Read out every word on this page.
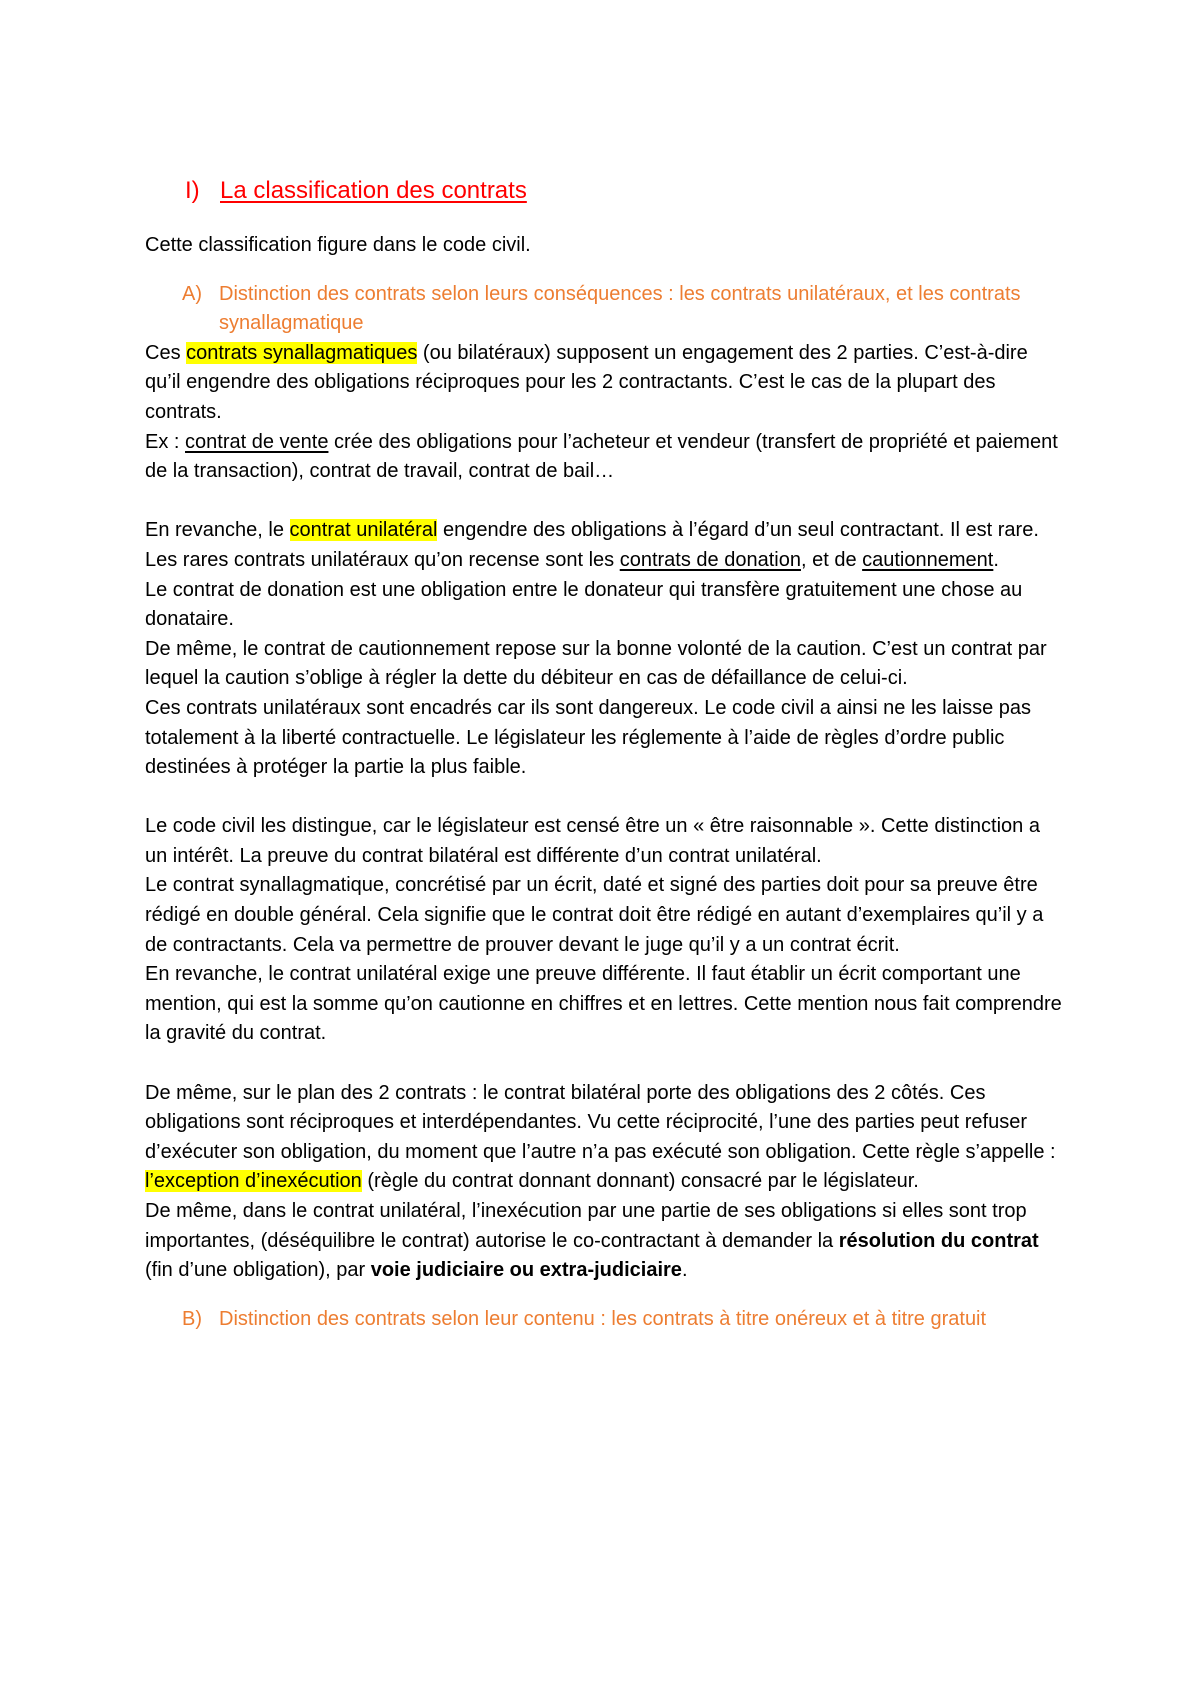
I) La classification des contrats

Cette classification figure dans le code civil.

A) Distinction des contrats selon leurs conséquences : les contrats unilatéraux, et les contrats synallagmatique

Ces contrats synallagmatiques (ou bilatéraux) supposent un engagement des 2 parties. C’est-à-dire qu’il engendre des obligations réciproques pour les 2 contractants. C’est le cas de la plupart des contrats.

Ex : contrat de vente crée des obligations pour l’acheteur et vendeur (transfert de propriété et paiement de la transaction), contrat de travail, contrat de bail…

En revanche, le contrat unilatéral engendre des obligations à l’égard d’un seul contractant. Il est rare. Les rares contrats unilatéraux qu’on recense sont les contrats de donation, et de cautionnement.

Le contrat de donation est une obligation entre le donateur qui transfère gratuitement une chose au donataire.

De même, le contrat de cautionnement repose sur la bonne volonté de la caution. C’est un contrat par lequel la caution s’oblige à régler la dette du débiteur en cas de défaillance de celui-ci.

Ces contrats unilatéraux sont encadrés car ils sont dangereux. Le code civil a ainsi ne les laisse pas totalement à la liberté contractuelle. Le législateur les réglemente à l’aide de règles d’ordre public destinées à protéger la partie la plus faible.

Le code civil les distingue, car le législateur est censé être un « être raisonnable ». Cette distinction a un intérêt. La preuve du contrat bilatéral est différente d’un contrat unilatéral.

Le contrat synallagmatique, concrétisé par un écrit, daté et signé des parties doit pour sa preuve être rédigé en double général. Cela signifie que le contrat doit être rédigé en autant d’exemplaires qu’il y a de contractants. Cela va permettre de prouver devant le juge qu’il y a un contrat écrit.

En revanche, le contrat unilatéral exige une preuve différente. Il faut établir un écrit comportant une mention, qui est la somme qu’on cautionne en chiffres et en lettres. Cette mention nous fait comprendre la gravité du contrat.

De même, sur le plan des 2 contrats : le contrat bilatéral porte des obligations des 2 côtés. Ces obligations sont réciproques et interdépendantes. Vu cette réciprocité, l’une des parties peut refuser d’exécuter son obligation, du moment que l’autre n’a pas exécuté son obligation. Cette règle s’appelle : l’exception d’inexécution (règle du contrat donnant donnant) consacré par le législateur.

De même, dans le contrat unilatéral, l’inexécution par une partie de ses obligations si elles sont trop importantes, (déséquilibre le contrat) autorise le co-contractant à demander la résolution du contrat (fin d’une obligation), par voie judiciaire ou extra-judiciaire.

B) Distinction des contrats selon leur contenu : les contrats à titre onéreux et à titre gratuit
